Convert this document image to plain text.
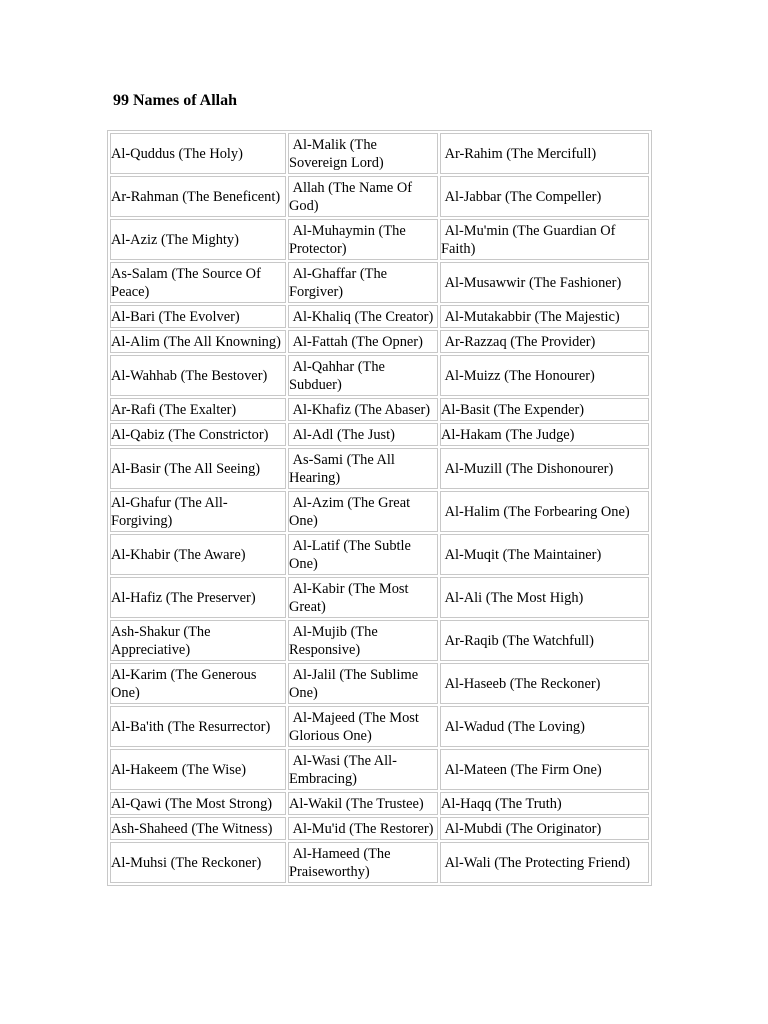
99 Names of Allah
Al-Quddus (The Holy)	Al-Malik (The Sovereign Lord)	Ar-Rahim (The Mercifull)
Ar-Rahman (The Beneficent)	Allah (The Name Of God)	Al-Jabbar (The Compeller)
Al-Aziz (The Mighty)	Al-Muhaymin (The Protector)	Al-Mu'min (The Guardian Of Faith)
As-Salam (The Source Of Peace)	Al-Ghaffar (The Forgiver)	Al-Musawwir (The Fashioner)
Al-Bari (The Evolver)	Al-Khaliq (The Creator)	Al-Mutakabbir (The Majestic)
Al-Alim (The All Knowning)	Al-Fattah (The Opner)	Ar-Razzaq (The Provider)
Al-Wahhab (The Bestover)	Al-Qahhar (The Subduer)	Al-Muizz (The Honourer)
Ar-Rafi (The Exalter)	Al-Khafiz (The Abaser)	Al-Basit (The Expender)
Al-Qabiz (The Constrictor)	Al-Adl (The Just)	Al-Hakam (The Judge)
Al-Basir (The All Seeing)	As-Sami (The All Hearing)	Al-Muzill (The Dishonourer)
Al-Ghafur (The All-Forgiving)	Al-Azim (The Great One)	Al-Halim (The Forbearing One)
Al-Khabir (The Aware)	Al-Latif (The Subtle One)	Al-Muqit (The Maintainer)
Al-Hafiz (The Preserver)	Al-Kabir (The Most Great)	Al-Ali (The Most High)
Ash-Shakur (The Appreciative)	Al-Mujib (The Responsive)	Ar-Raqib (The Watchfull)
Al-Karim (The Generous One)	Al-Jalil (The Sublime One)	Al-Haseeb (The Reckoner)
Al-Ba'ith (The Resurrector)	Al-Majeed (The Most Glorious One)	Al-Wadud (The Loving)
Al-Hakeem (The Wise)	Al-Wasi (The All-Embracing)	Al-Mateen (The Firm One)
Al-Qawi (The Most Strong)	Al-Wakil (The Trustee)	Al-Haqq (The Truth)
Ash-Shaheed (The Witness)	Al-Mu'id (The Restorer)	Al-Mubdi (The Originator)
Al-Muhsi (The Reckoner)	Al-Hameed (The Praiseworthy)	Al-Wali (The Protecting Friend)
